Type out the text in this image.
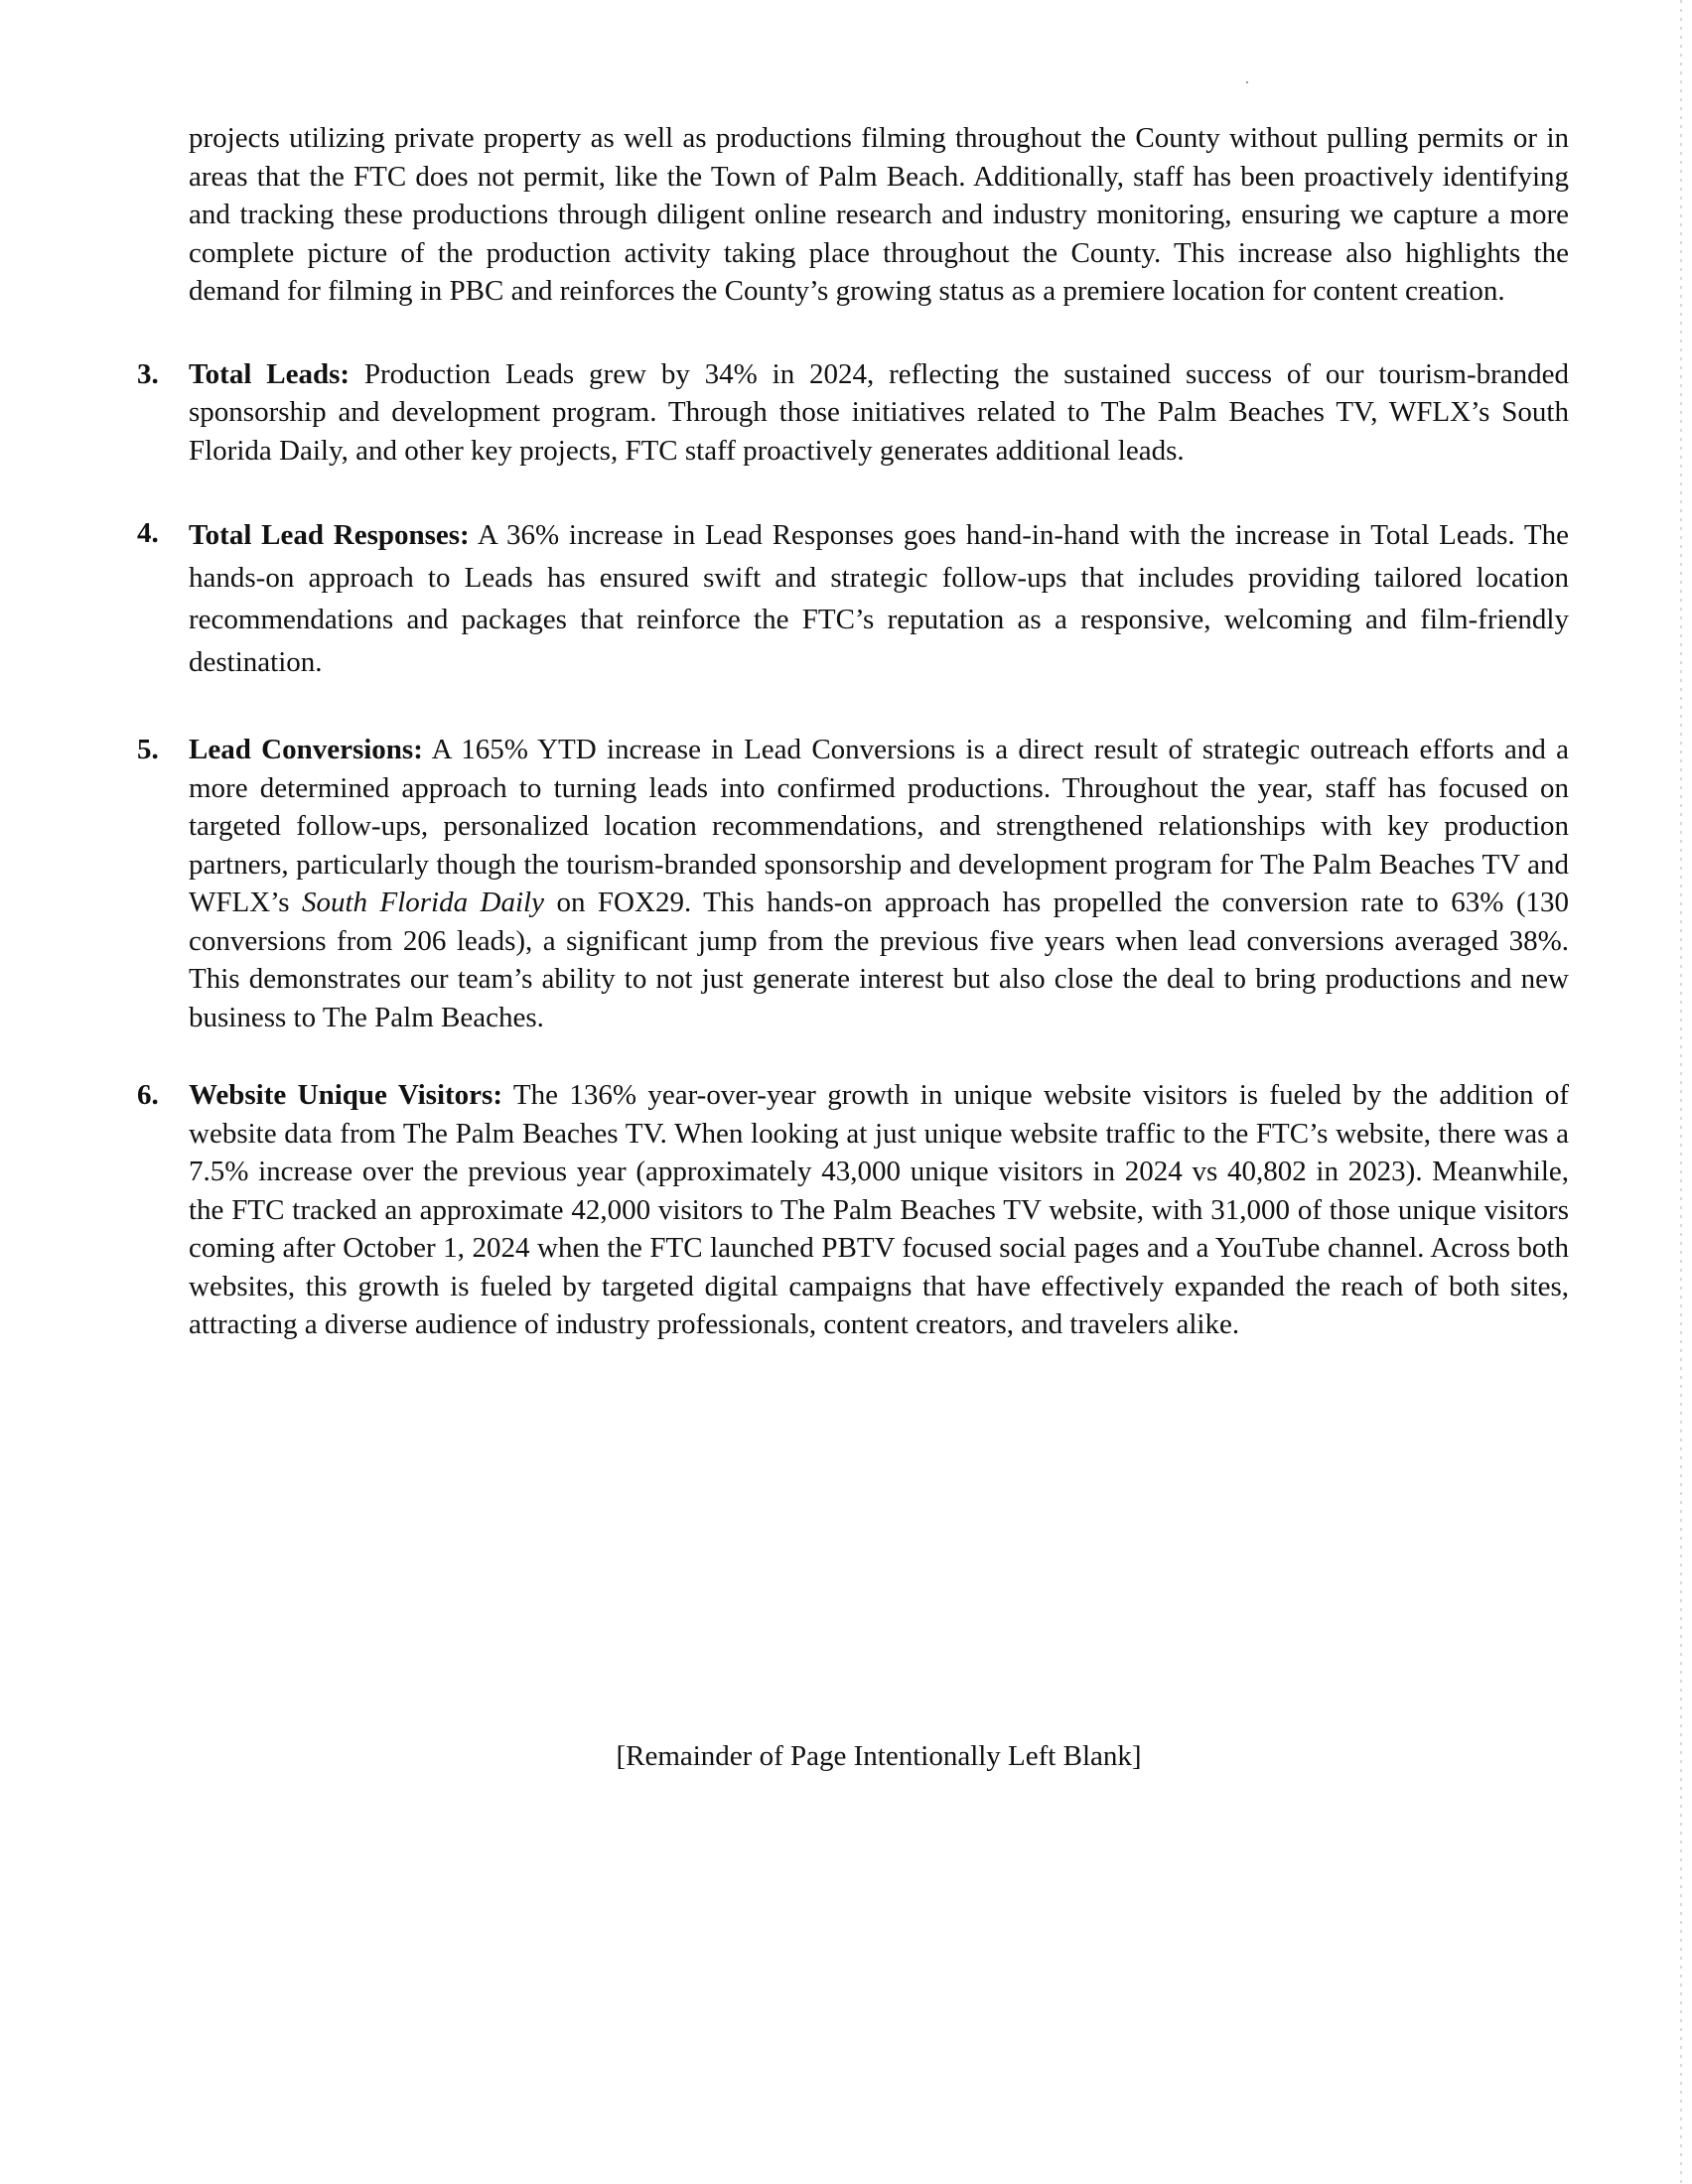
projects utilizing private property as well as productions filming throughout the County without pulling permits or in areas that the FTC does not permit, like the Town of Palm Beach. Additionally, staff has been proactively identifying and tracking these productions through diligent online research and industry monitoring, ensuring we capture a more complete picture of the production activity taking place throughout the County. This increase also highlights the demand for filming in PBC and reinforces the County’s growing status as a premiere location for content creation.

3. Total Leads: Production Leads grew by 34% in 2024, reflecting the sustained success of our tourism-branded sponsorship and development program. Through those initiatives related to The Palm Beaches TV, WFLX’s South Florida Daily, and other key projects, FTC staff proactively generates additional leads.

4. Total Lead Responses: A 36% increase in Lead Responses goes hand-in-hand with the increase in Total Leads. The hands-on approach to Leads has ensured swift and strategic follow-ups that includes providing tailored location recommendations and packages that reinforce the FTC’s reputation as a responsive, welcoming and film-friendly destination.

5. Lead Conversions: A 165% YTD increase in Lead Conversions is a direct result of strategic outreach efforts and a more determined approach to turning leads into confirmed productions. Throughout the year, staff has focused on targeted follow-ups, personalized location recommendations, and strengthened relationships with key production partners, particularly though the tourism-branded sponsorship and development program for The Palm Beaches TV and WFLX’s South Florida Daily on FOX29. This hands-on approach has propelled the conversion rate to 63% (130 conversions from 206 leads), a significant jump from the previous five years when lead conversions averaged 38%. This demonstrates our team’s ability to not just generate interest but also close the deal to bring productions and new business to The Palm Beaches.

6. Website Unique Visitors: The 136% year-over-year growth in unique website visitors is fueled by the addition of website data from The Palm Beaches TV. When looking at just unique website traffic to the FTC’s website, there was a 7.5% increase over the previous year (approximately 43,000 unique visitors in 2024 vs 40,802 in 2023). Meanwhile, the FTC tracked an approximate 42,000 visitors to The Palm Beaches TV website, with 31,000 of those unique visitors coming after October 1, 2024 when the FTC launched PBTV focused social pages and a YouTube channel. Across both websites, this growth is fueled by targeted digital campaigns that have effectively expanded the reach of both sites, attracting a diverse audience of industry professionals, content creators, and travelers alike.

[Remainder of Page Intentionally Left Blank]
